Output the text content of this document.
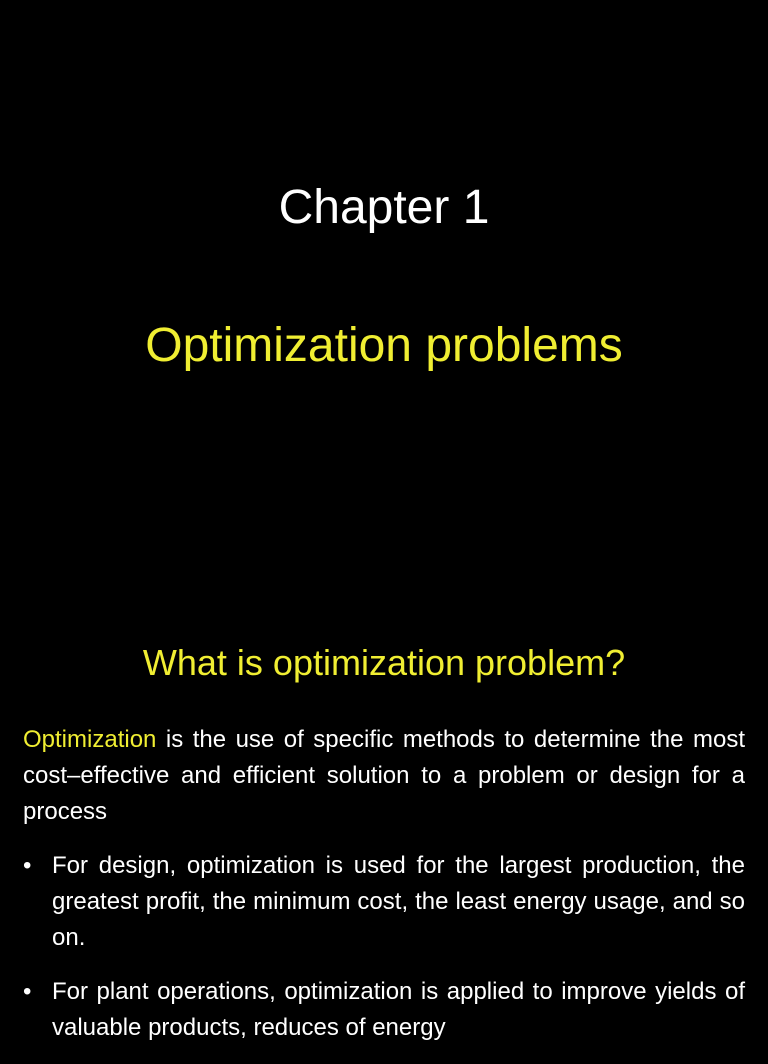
Chapter 1
Optimization problems
What is optimization problem?

Optimization is the use of specific methods to determine the most cost–effective and efficient solution to a problem or design for a process

• For design, optimization is used for the largest production, the greatest profit, the minimum cost, the least energy usage, and so on.
• For plant operations, optimization is applied to improve yields of valuable products, reduces of energy
